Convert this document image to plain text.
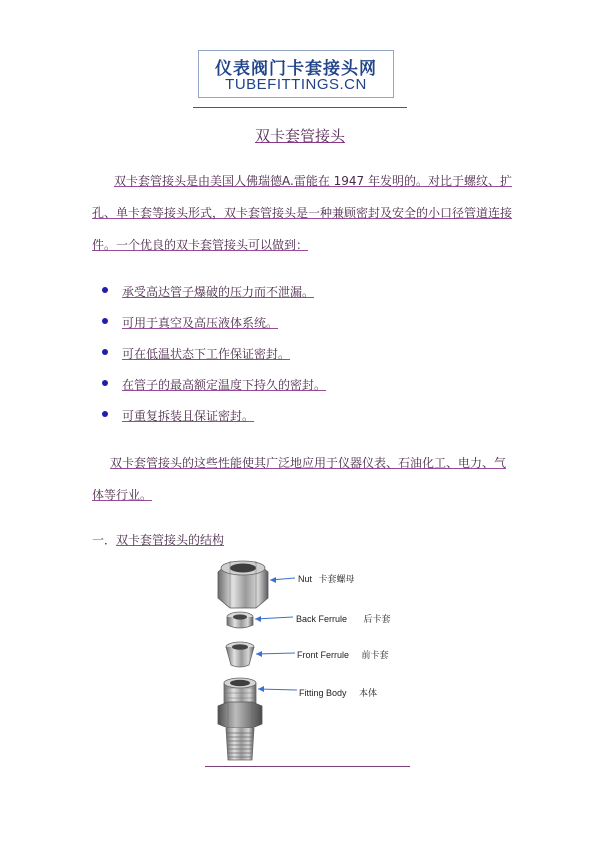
仪表阀门卡套接头网
TUBEFITTINGS.CN
双卡套管接头
双卡套管接头是由美国人佛瑞德A.雷能在 1947 年发明的。对比于螺纹、扩
孔、单卡套等接头形式，双卡套管接头是一种兼顾密封及安全的小口径管道连接
件。一个优良的双卡套管接头可以做到：
承受高达管子爆破的压力而不泄漏。
可用于真空及高压液体系统。
可在低温状态下工作保证密封。
在管子的最高额定温度下持久的密封。
可重复拆装且保证密封。
双卡套管接头的这些性能使其广泛地应用于仪器仪表、石油化工、电力、气
体等行业。
一．双卡套管接头的结构
Nut 卡套螺母
Back Ferrule 后卡套
Front Ferrule 前卡套
Fitting Body 本体
